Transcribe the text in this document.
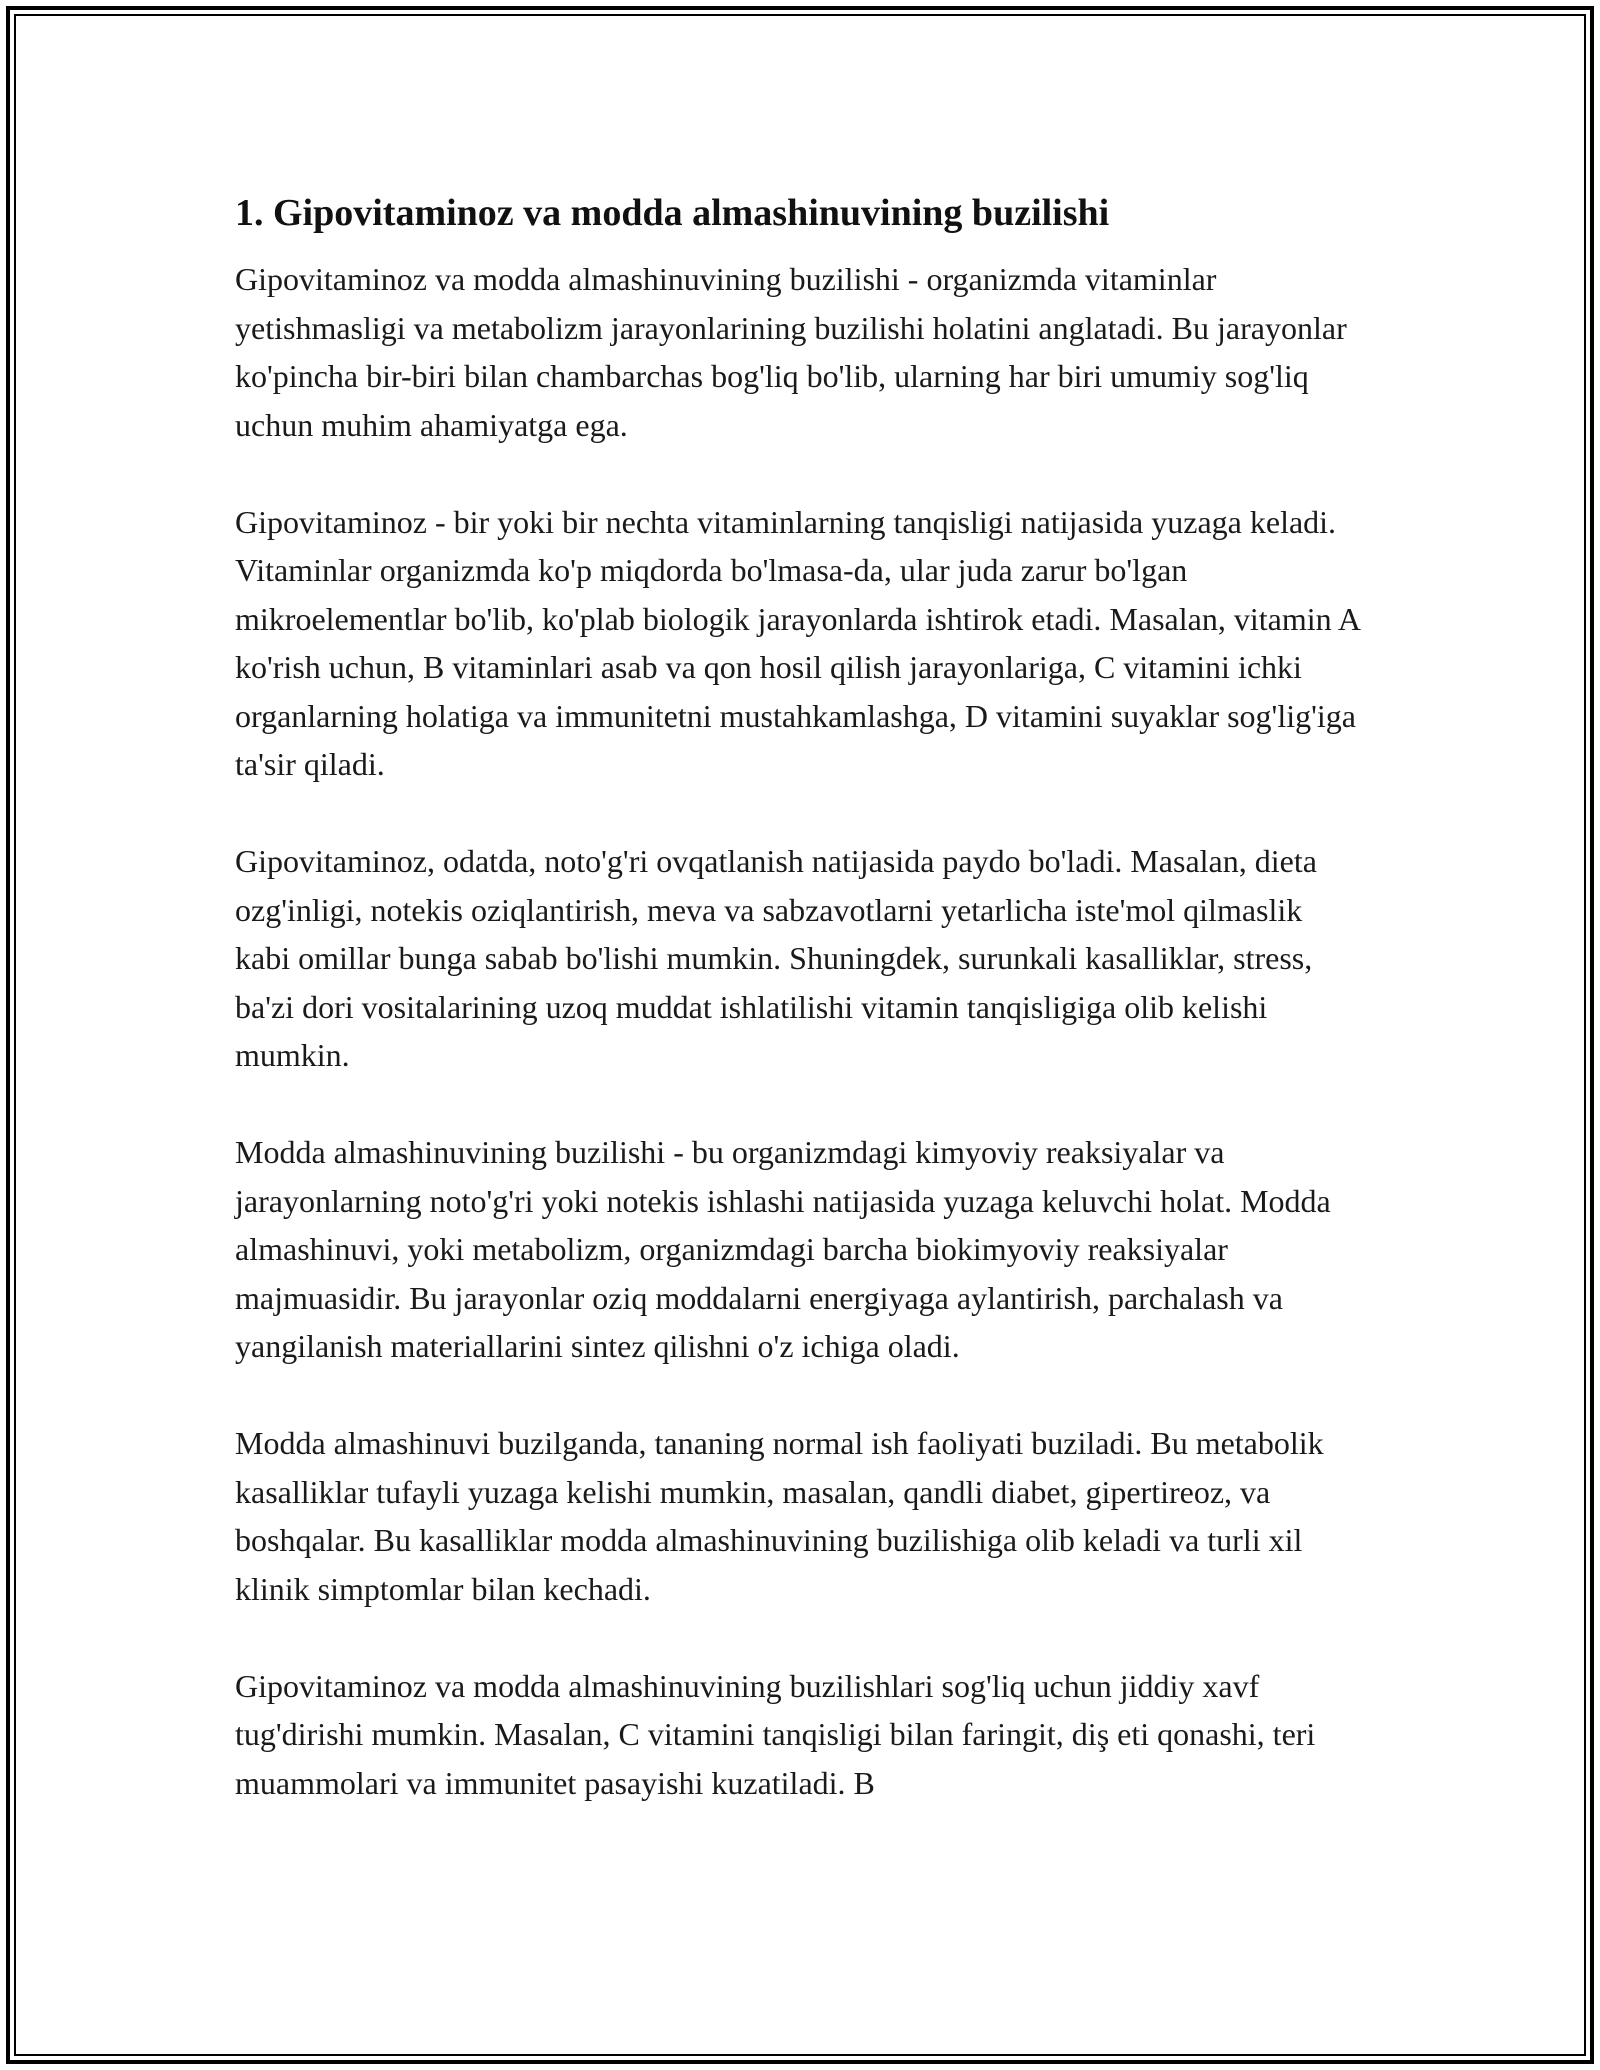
1. Gipovitaminoz va modda almashinuvining buzilishi

Gipovitaminoz va modda almashinuvining buzilishi - organizmda vitaminlar yetishmasligi va metabolizm jarayonlarining buzilishi holatini anglatadi. Bu jarayonlar ko'pincha bir-biri bilan chambarchas bog'liq bo'lib, ularning har biri umumiy sog'liq uchun muhim ahamiyatga ega.

Gipovitaminoz - bir yoki bir nechta vitaminlarning tanqisligi natijasida yuzaga keladi. Vitaminlar organizmda ko'p miqdorda bo'lmasa-da, ular juda zarur bo'lgan mikroelementlar bo'lib, ko'plab biologik jarayonlarda ishtirok etadi. Masalan, vitamin A ko'rish uchun, B vitaminlari asab va qon hosil qilish jarayonlariga, C vitamini ichki organlarning holatiga va immunitetni mustahkamlashga, D vitamini suyaklar sog'lig'iga ta'sir qiladi.

Gipovitaminoz, odatda, noto'g'ri ovqatlanish natijasida paydo bo'ladi. Masalan, dieta ozg'inligi, notekis oziqlantirish, meva va sabzavotlarni yetarlicha iste'mol qilmaslik kabi omillar bunga sabab bo'lishi mumkin. Shuningdek, surunkali kasalliklar, stress, ba'zi dori vositalarining uzoq muddat ishlatilishi vitamin tanqisligiga olib kelishi mumkin.

Modda almashinuvining buzilishi - bu organizmdagi kimyoviy reaksiyalar va jarayonlarning noto'g'ri yoki notekis ishlashi natijasida yuzaga keluvchi holat. Modda almashinuvi, yoki metabolizm, organizmdagi barcha biokimyoviy reaksiyalar majmuasidir. Bu jarayonlar oziq moddalarni energiyaga aylantirish, parchalash va yangilanish materiallarini sintez qilishni o'z ichiga oladi.

Modda almashinuvi buzilganda, tananing normal ish faoliyati buziladi. Bu metabolik kasalliklar tufayli yuzaga kelishi mumkin, masalan, qandli diabet, gipertireoz, va boshqalar. Bu kasalliklar modda almashinuvining buzilishiga olib keladi va turli xil klinik simptomlar bilan kechadi.

Gipovitaminoz va modda almashinuvining buzilishlari sog'liq uchun jiddiy xavf tug'dirishi mumkin. Masalan, C vitamini tanqisligi bilan faringit, diş eti qonashi, teri muammolari va immunitet pasayishi kuzatiladi. B
